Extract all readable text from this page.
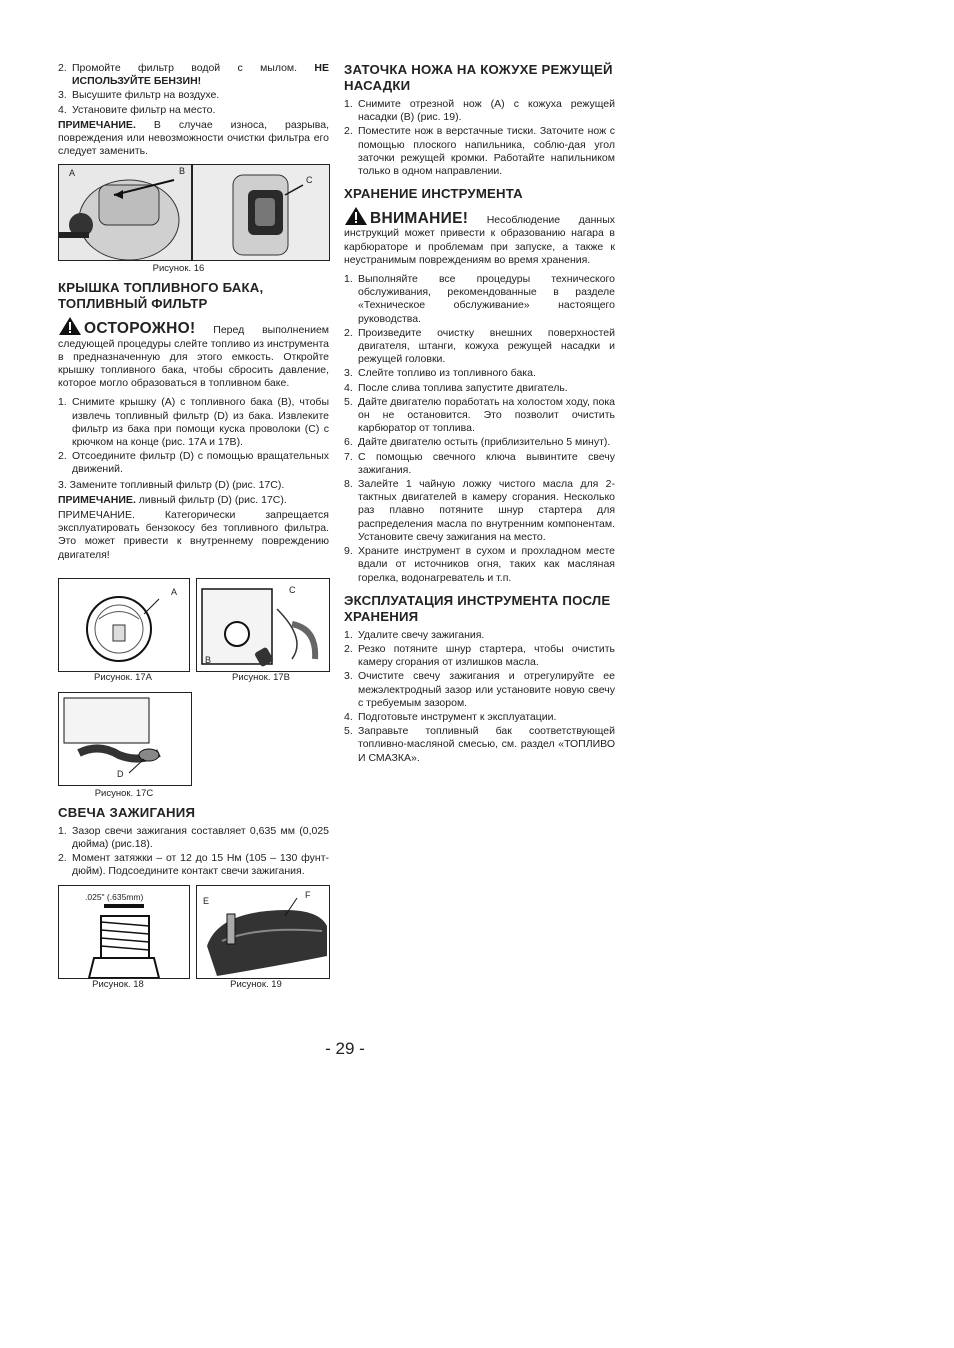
2. Промойте фильтр водой с мылом. НЕ ИСПОЛЬЗУЙТЕ БЕНЗИН!
3. Высушите фильтр на воздухе.
4. Установите фильтр на место.

ПРИМЕЧАНИЕ. В случае износа, разрыва, повреждения или невозможности очистки фильтра его следует заменить.

A	B
C
Рисунок. 16
КРЫШКА ТОПЛИВНОГО БАКА, ТОПЛИВНЫЙ ФИЛЬТР

ОСТОРОЖНО! Перед выполнением следующей процедуры слейте топливо из инструмента в предназначенную для этого емкость. Откройте крышку топливного бака, чтобы сбросить давление, которое могло образоваться в топливном баке.

1. Снимите крышку (A) с топливного бака (B), чтобы извлечь топливный фильтр (D) из бака. Извлеките фильтр из бака при помощи куска проволоки (C) с крючком на конце (рис. 17A и 17B).
2. Отсоедините фильтр (D) с помощью вращательных движений.

3. Замените топливный фильтр (D) (рис. 17C).

ПРИМЕЧАНИЕ. ливный фильтр (D) (рис. 17C).

ПРИМЕЧАНИЕ. Категорически запрещается эксплуатировать бензокосу без топливного фильтра. Это может привести к внутреннему повреждению двигателя!

A	C
B
Рисунок. 17A	Рисунок. 17B
D
Рисунок. 17C
СВЕЧА ЗАЖИГАНИЯ
1. Зазор свечи зажигания составляет 0,635 мм (0,025 дюйма) (рис.18).
2. Момент затяжки – от 12 до 15 Нм (105 – 130 фунт-дюйм). Подсоедините контакт свечи зажигания.
.025" (.635mm)	E
F
Рисунок. 18	Рисунок. 19
ЗАТОЧКА НОЖА НА КОЖУХЕ РЕЖУЩЕЙ НАСАДКИ
1. Снимите отрезной нож (А) с кожуха режущей насадки (В) (рис. 19).
2. Поместите нож в верстачные тиски. Заточите нож с помощью плоского напильника, соблю-дая угол заточки режущей кромки. Работайте напильником только в одном направлении.
ХРАНЕНИЕ ИНСТРУМЕНТА

ВНИМАНИЕ! Несоблюдение данных инструкций может привести к образованию нагара в карбюраторе и проблемам при запуске, а также к неустранимым повреждениям во время хранения.

1. Выполняйте все процедуры технического обслуживания, рекомендованные в разделе «Техническое обслуживание» настоящего руководства.
2. Произведите очистку внешних поверхностей двигателя, штанги, кожуха режущей насадки и режущей головки.
3. Слейте топливо из топливного бака.
4. После слива топлива запустите двигатель.
5. Дайте двигателю поработать на холостом ходу, пока он не остановится. Это позволит очистить карбюратор от топлива.
6. Дайте двигателю остыть (приблизительно 5 минут).
7. С помощью свечного ключа вывинтите свечу зажигания.
8. Залейте 1 чайную ложку чистого масла для 2-тактных двигателей в камеру сгорания. Несколько раз плавно потяните шнур стартера для распределения масла по внутренним компонентам. Установите свечу зажигания на место.
9. Храните инструмент в сухом и прохладном месте вдали от источников огня, таких как масляная горелка, водонагреватель и т.п.
ЭКСПЛУАТАЦИЯ ИНСТРУМЕНТА ПОСЛЕ ХРАНЕНИЯ
1. Удалите свечу зажигания.
2. Резко потяните шнур стартера, чтобы очистить камеру сгорания от излишков масла.
3. Очистите свечу зажигания и отрегулируйте ее межэлектродный зазор или установите новую свечу с требуемым зазором.
4. Подготовьте инструмент к эксплуатации.
5. Заправьте топливный бак соответствующей топливно-масляной смесью, см. раздел «ТОПЛИВО И СМАЗКА».
- 29 -
